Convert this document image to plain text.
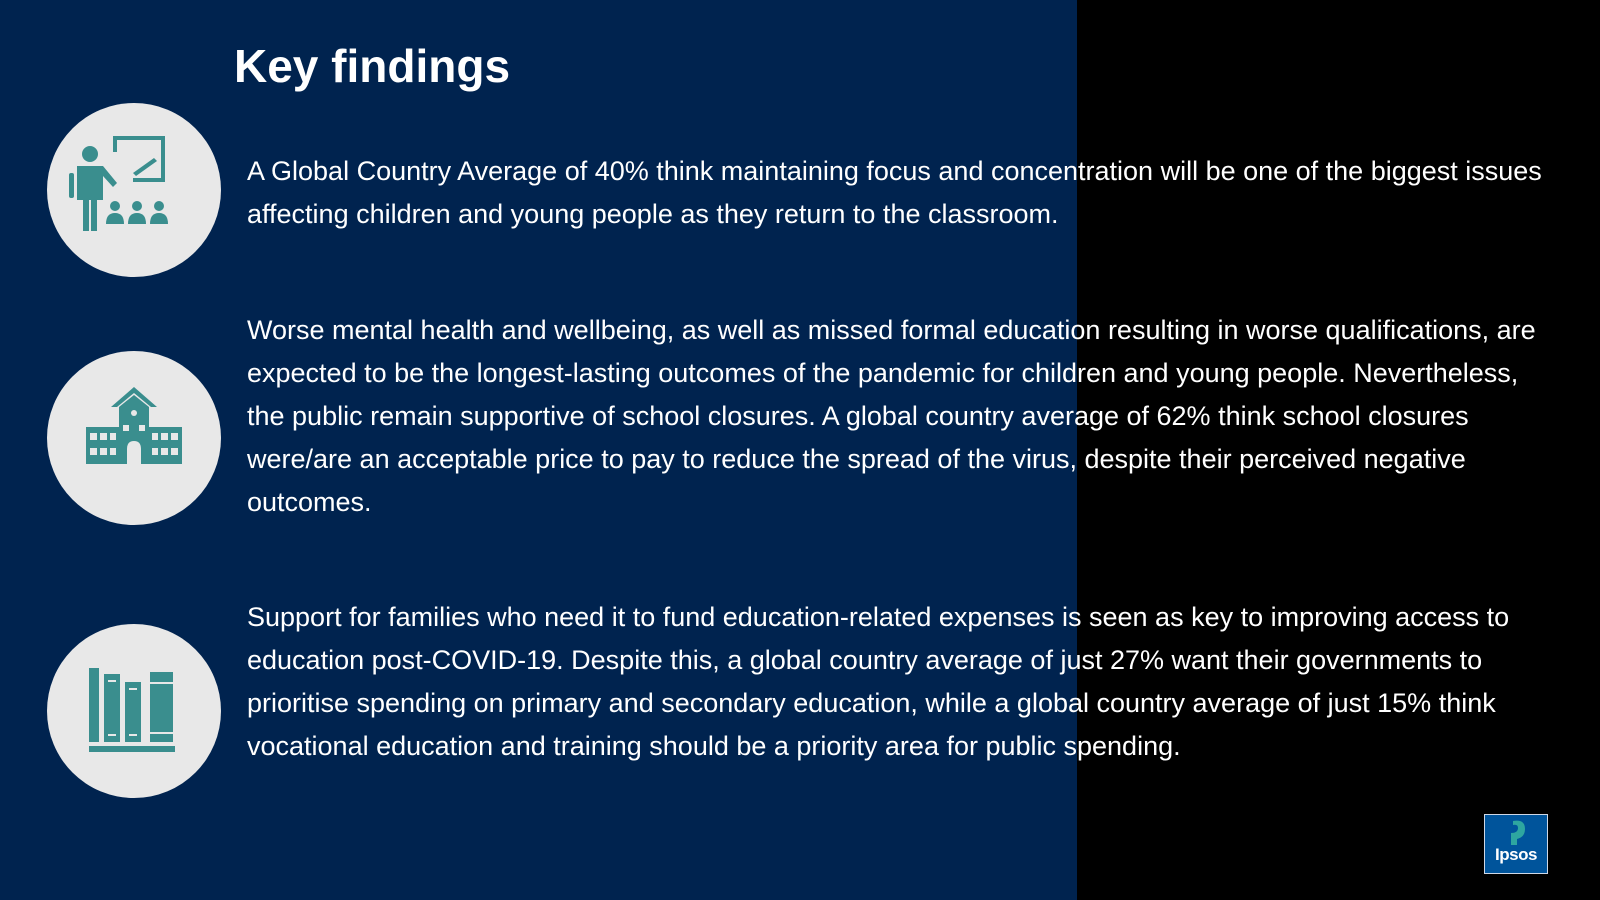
Key findings

A Global Country Average of 40% think maintaining focus and concentration will be one of the biggest issues affecting children and young people as they return to the classroom.

Worse mental health and wellbeing, as well as missed formal education resulting in worse qualifications, are expected to be the longest-lasting outcomes of the pandemic for children and young people. Nevertheless, the public remain supportive of school closures. A global country average of 62% think school closures were/are an acceptable price to pay to reduce the spread of the virus, despite their perceived negative outcomes.

Support for families who need it to fund education-related expenses is seen as key to improving access to education post-COVID-19. Despite this, a global country average of just 27% want their governments to prioritise spending on primary and secondary education, while a global country average of just 15% think vocational education and training should be a priority area for public spending.

Ipsos
